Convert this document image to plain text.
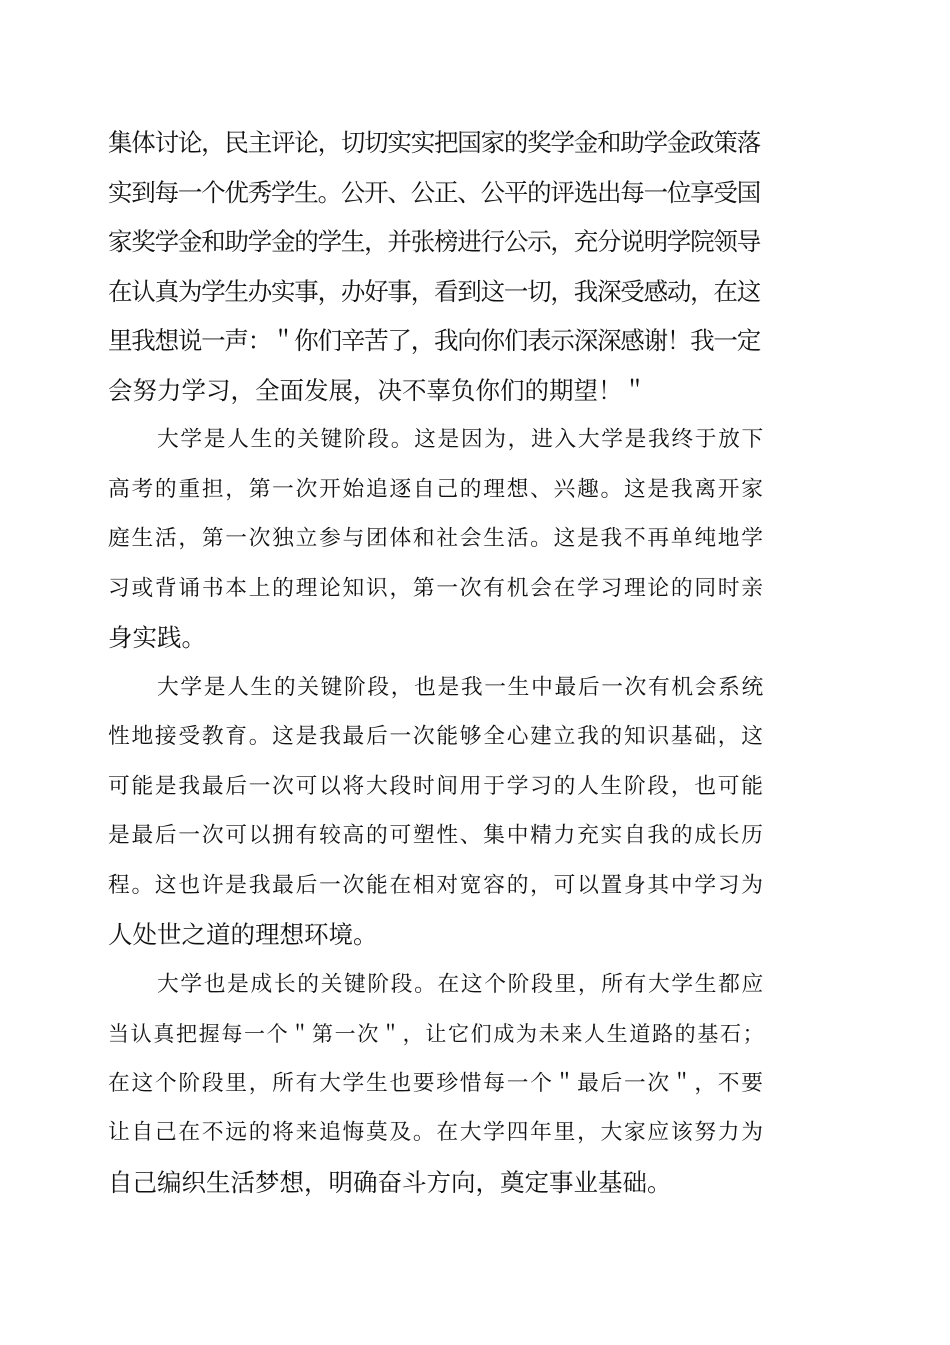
集体讨论，民主评论，切切实实把国家的奖学金和助学金政策落
实到每一个优秀学生。公开、公正、公平的评选出每一位享受国
家奖学金和助学金的学生，并张榜进行公示，充分说明学院领导
在认真为学生办实事，办好事，看到这一切，我深受感动，在这
里我想说一声：＂你们辛苦了，我向你们表示深深感谢！我一定
会努力学习，全面发展，决不辜负你们的期望！＂

大学是人生的关键阶段。这是因为，进入大学是我终于放下
高考的重担，第一次开始追逐自己的理想、兴趣。这是我离开家
庭生活，第一次独立参与团体和社会生活。这是我不再单纯地学
习或背诵书本上的理论知识，第一次有机会在学习理论的同时亲
身实践。

大学是人生的关键阶段，也是我一生中最后一次有机会系统
性地接受教育。这是我最后一次能够全心建立我的知识基础，这
可能是我最后一次可以将大段时间用于学习的人生阶段，也可能
是最后一次可以拥有较高的可塑性、集中精力充实自我的成长历
程。这也许是我最后一次能在相对宽容的，可以置身其中学习为
人处世之道的理想环境。

大学也是成长的关键阶段。在这个阶段里，所有大学生都应
当认真把握每一个＂第一次＂，让它们成为未来人生道路的基石；
在这个阶段里，所有大学生也要珍惜每一个＂最后一次＂，不要
让自己在不远的将来追悔莫及。在大学四年里，大家应该努力为
自己编织生活梦想，明确奋斗方向，奠定事业基础。
